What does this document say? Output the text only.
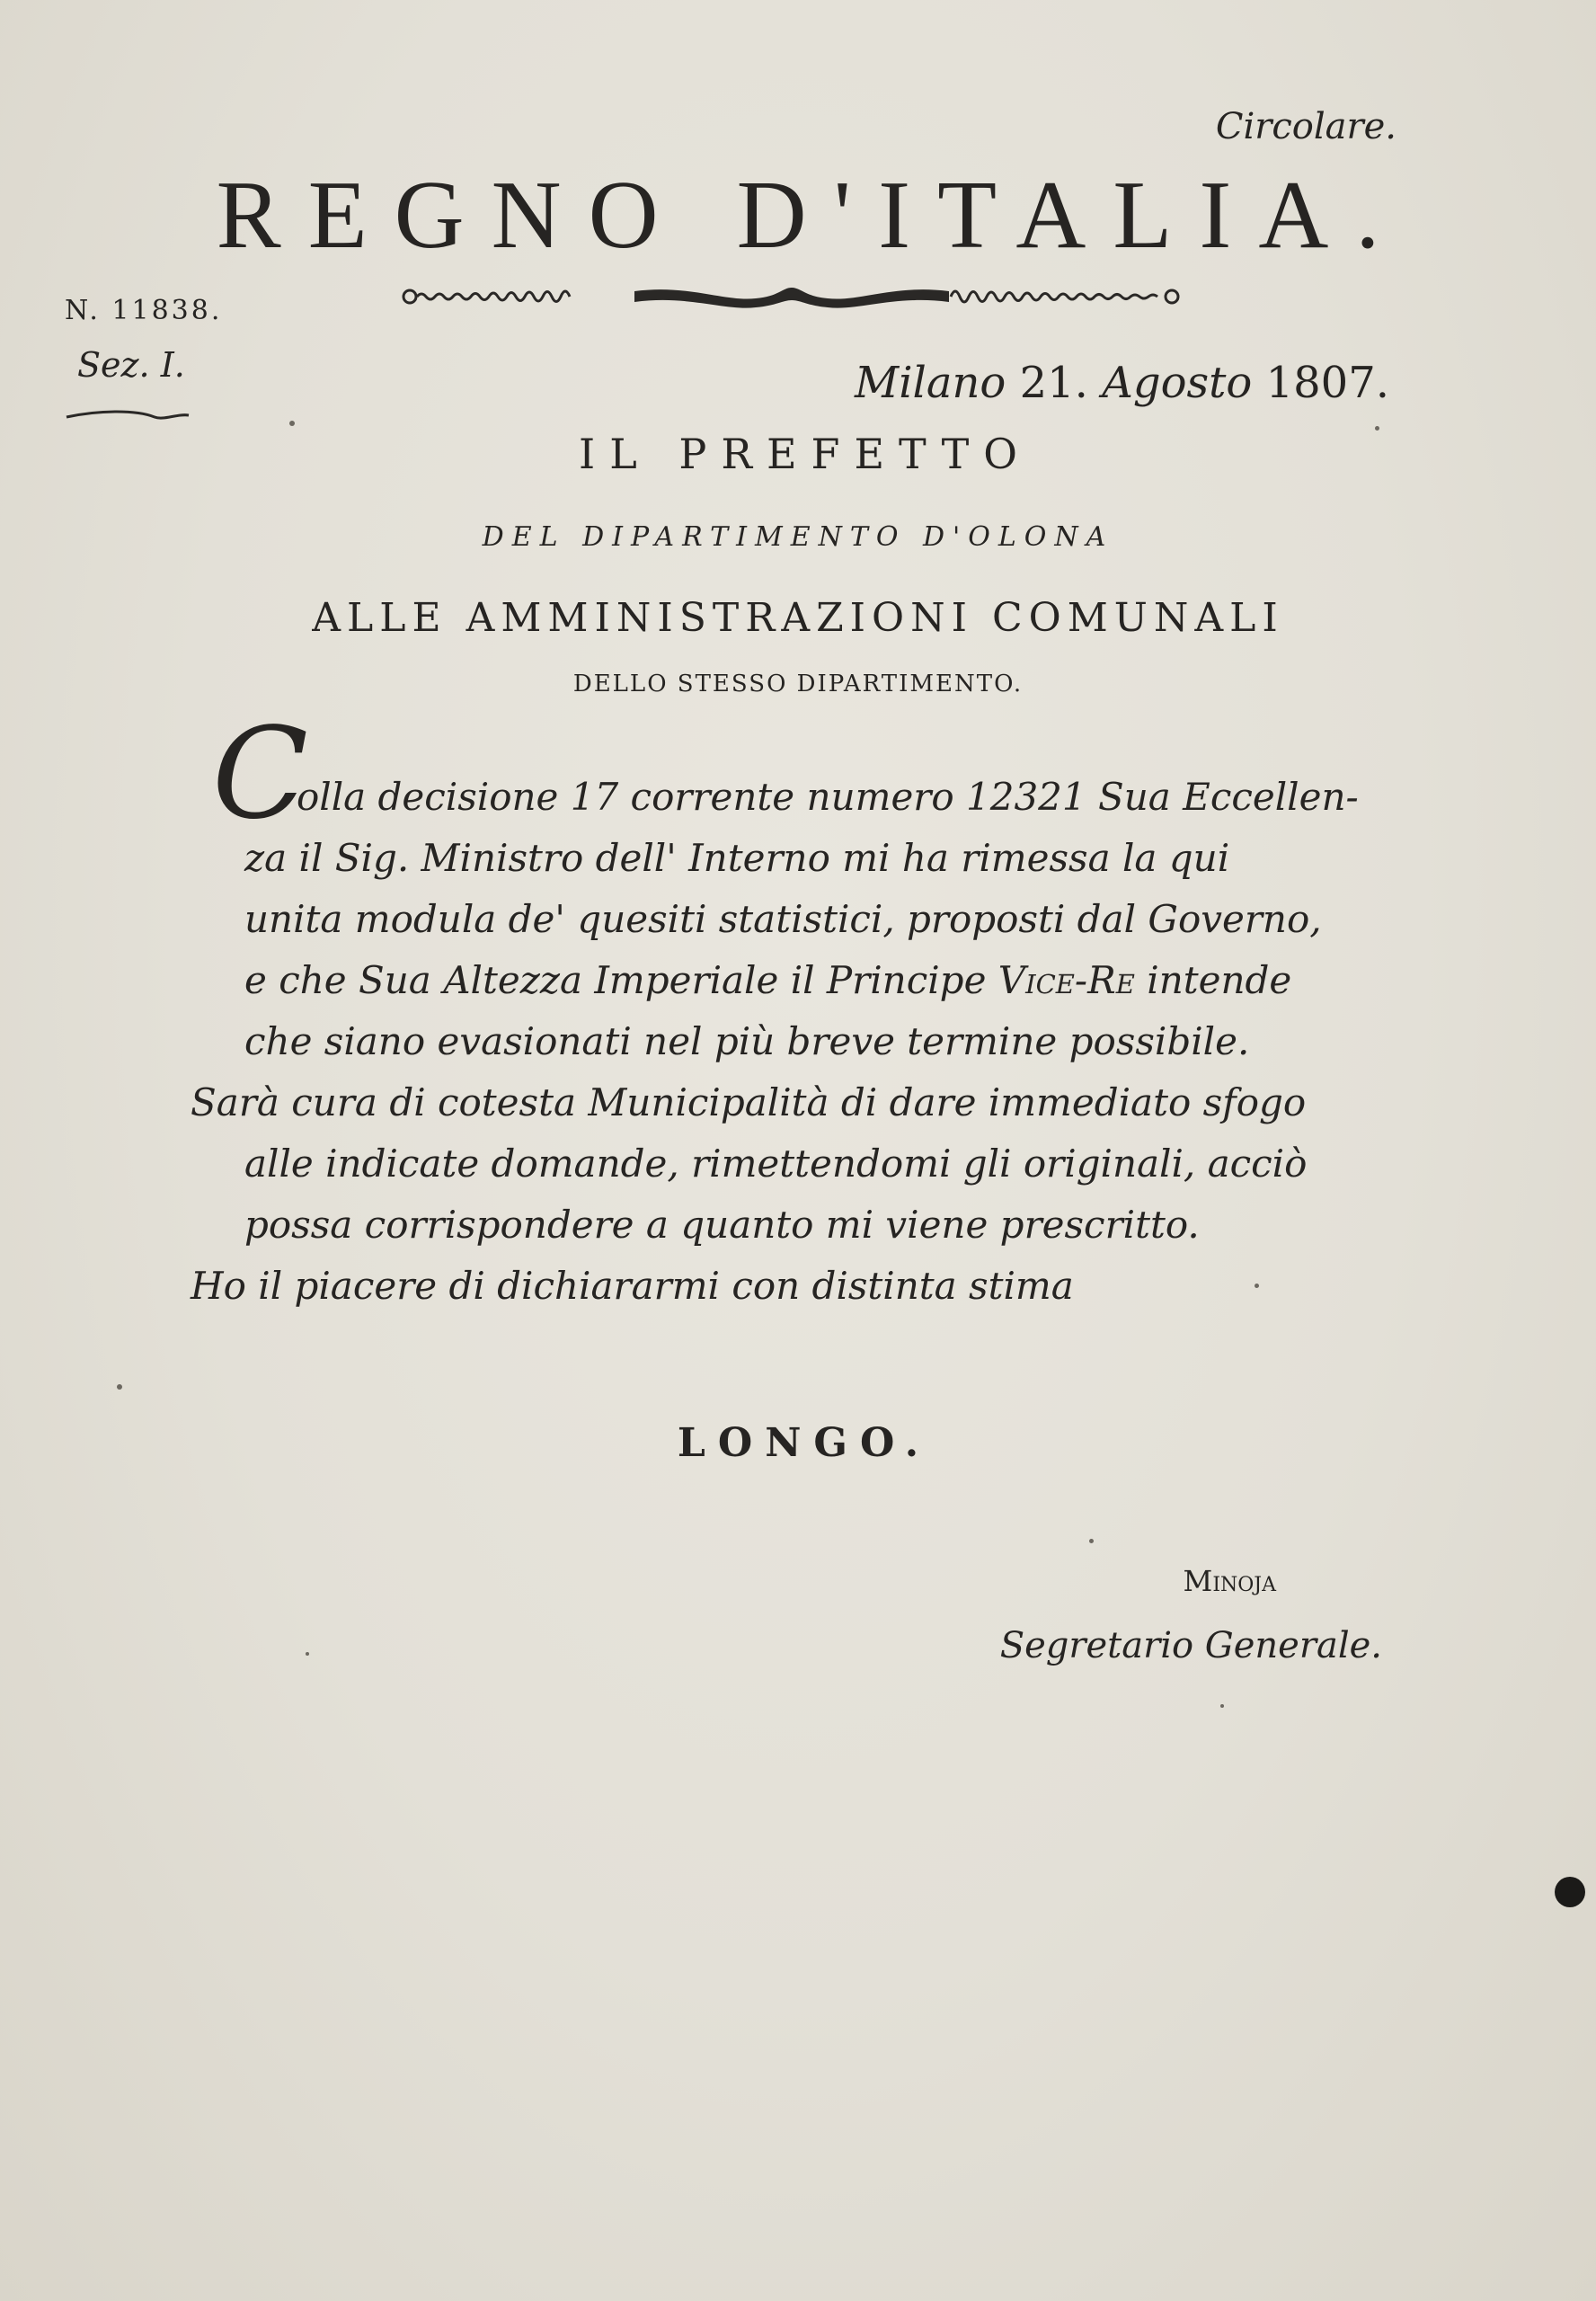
Circolare.
REGNO D'ITALIA.
N. 11838.
Sez. I.	Milano 21. Agosto 1807.
IL PREFETTO
DEL DIPARTIMENTO D'OLONA
ALLE AMMINISTRAZIONI COMUNALI
DELLO STESSO DIPARTIMENTO.
C
olla decisione 17 corrente numero 12321 Sua Eccellen-
za il Sig. Ministro dell' Interno mi ha rimessa la qui
unita modula de' quesiti statistici, proposti dal Governo,
e che Sua Altezza Imperiale il Principe Vice-Re intende
che siano evasionati nel più breve termine possibile.
Sarà cura di cotesta Municipalità di dare immediato sfogo
alle indicate domande, rimettendomi gli originali, acciò
possa corrispondere a quanto mi viene prescritto.
Ho il piacere di dichiararmi con distinta stima
LONGO.
Minoja
Segretario Generale.
